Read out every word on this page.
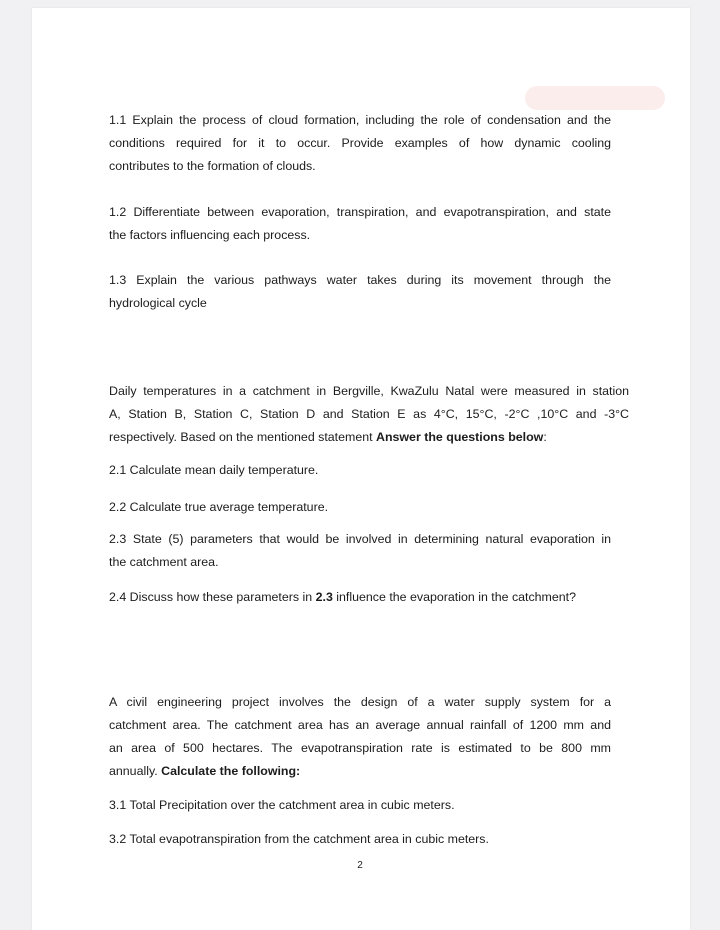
1.1 Explain the process of cloud formation, including the role of condensation and the

conditions required for it to occur. Provide examples of how dynamic cooling

contributes to the formation of clouds.

1.2 Differentiate between evaporation, transpiration, and evapotranspiration, and state

the factors influencing each process.

1.3 Explain the various pathways water takes during its movement through the

hydrological cycle

Daily temperatures in a catchment in Bergville, KwaZulu Natal were measured in station

A, Station B, Station C, Station D and Station E as 4°C, 15°C, -2°C ,10°C and -3°C

respectively. Based on the mentioned statement Answer the questions below:

2.1 Calculate mean daily temperature.

2.2 Calculate true average temperature.

2.3 State (5) parameters that would be involved in determining natural evaporation in

the catchment area.

2.4 Discuss how these parameters in 2.3 influence the evaporation in the catchment?

A civil engineering project involves the design of a water supply system for a

catchment area. The catchment area has an average annual rainfall of 1200 mm and

an area of 500 hectares. The evapotranspiration rate is estimated to be 800 mm

annually. Calculate the following:

3.1 Total Precipitation over the catchment area in cubic meters.

3.2 Total evapotranspiration from the catchment area in cubic meters.

2
